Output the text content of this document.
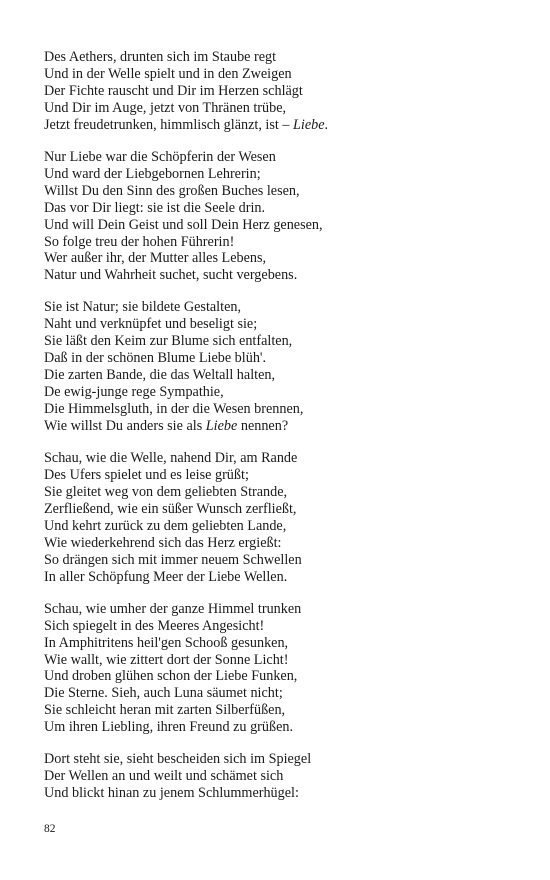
Des Aethers, drunten sich im Staube regt
Und in der Welle spielt und in den Zweigen
Der Fichte rauscht und Dir im Herzen schlägt
Und Dir im Auge, jetzt von Thränen trübe,
Jetzt freudetrunken, himmlisch glänzt, ist – Liebe.
Nur Liebe war die Schöpferin der Wesen
Und ward der Liebgebornen Lehrerin;
Willst Du den Sinn des großen Buches lesen,
Das vor Dir liegt: sie ist die Seele drin.
Und will Dein Geist und soll Dein Herz genesen,
So folge treu der hohen Führerin!
Wer außer ihr, der Mutter alles Lebens,
Natur und Wahrheit suchet, sucht vergebens.
Sie ist Natur; sie bildete Gestalten,
Naht und verknüpfet und beseligt sie;
Sie läßt den Keim zur Blume sich entfalten,
Daß in der schönen Blume Liebe blüh'.
Die zarten Bande, die das Weltall halten,
De ewig-junge rege Sympathie,
Die Himmelsgluth, in der die Wesen brennen,
Wie willst Du anders sie als Liebe nennen?
Schau, wie die Welle, nahend Dir, am Rande
Des Ufers spielet und es leise grüßt;
Sie gleitet weg von dem geliebten Strande,
Zerfließend, wie ein süßer Wunsch zerfließt,
Und kehrt zurück zu dem geliebten Lande,
Wie wiederkehrend sich das Herz ergießt:
So drängen sich mit immer neuem Schwellen
In aller Schöpfung Meer der Liebe Wellen.
Schau, wie umher der ganze Himmel trunken
Sich spiegelt in des Meeres Angesicht!
In Amphitritens heil'gen Schooß gesunken,
Wie wallt, wie zittert dort der Sonne Licht!
Und droben glühen schon der Liebe Funken,
Die Sterne. Sieh, auch Luna säumet nicht;
Sie schleicht heran mit zarten Silberfüßen,
Um ihren Liebling, ihren Freund zu grüßen.
Dort steht sie, sieht bescheiden sich im Spiegel
Der Wellen an und weilt und schämet sich
Und blickt hinan zu jenem Schlummerhügel:
82
